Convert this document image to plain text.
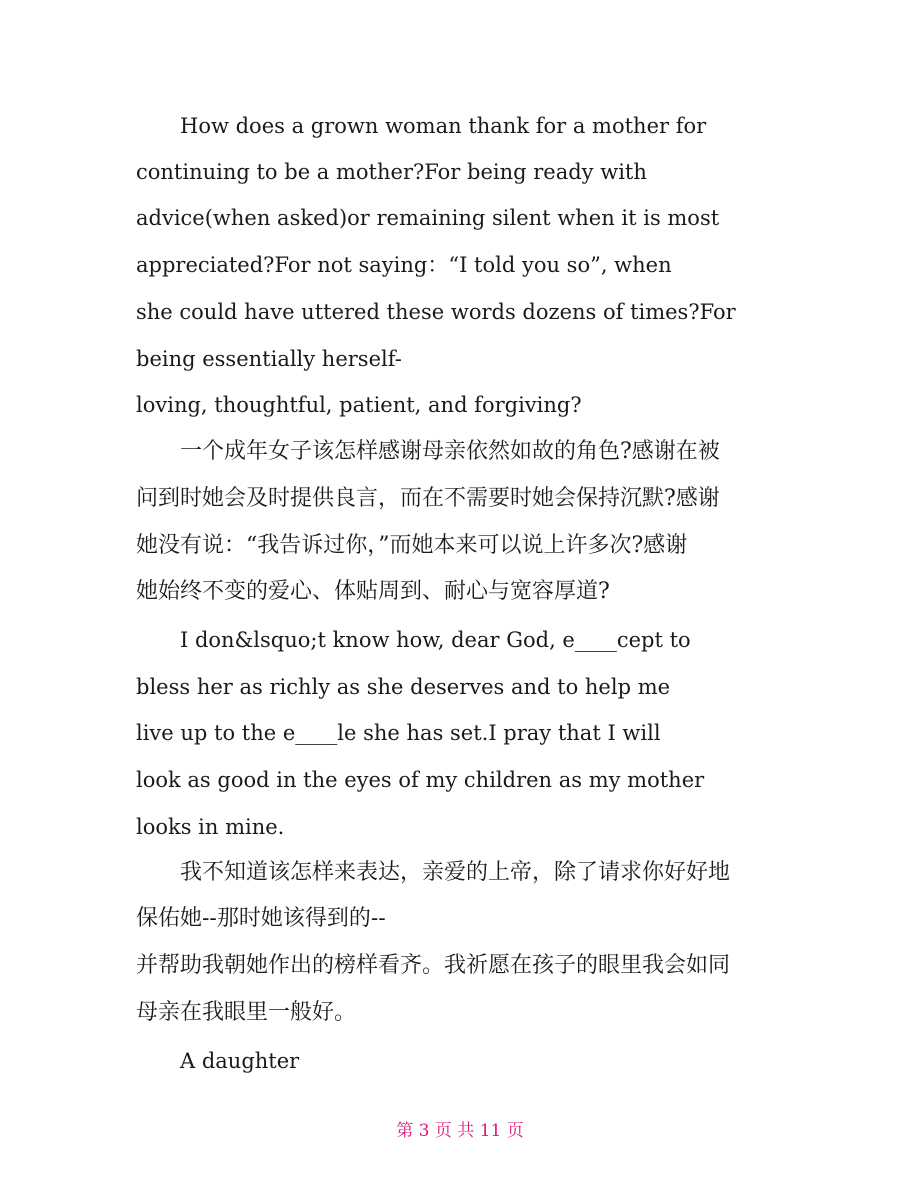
How does a grown woman thank for a mother for
continuing to be a mother?For being ready with
advice(when asked)or remaining silent when it is most
appreciated?For not saying：“I told you so”, when
she could have uttered these words dozens of times?For
being essentially herself-
loving, thoughtful, patient, and forgiving?
一个成年女子该怎样感谢母亲依然如故的角色?感谢在被
问到时她会及时提供良言，而在不需要时她会保持沉默?感谢
她没有说：“我告诉过你，”而她本来可以说上许多次?感谢
她始终不变的爱心、体贴周到、耐心与宽容厚道?
I don&lsquo;t know how, dear God, e____cept to
bless her as richly as she deserves and to help me
live up to the e____le she has set.I pray that I will
look as good in the eyes of my children as my mother
looks in mine.
我不知道该怎样来表达，亲爱的上帝，除了请求你好好地
保佑她--那时她该得到的--
并帮助我朝她作出的榜样看齐。我祈愿在孩子的眼里我会如同
母亲在我眼里一般好。
A daughter
第 3 页 共 11 页
